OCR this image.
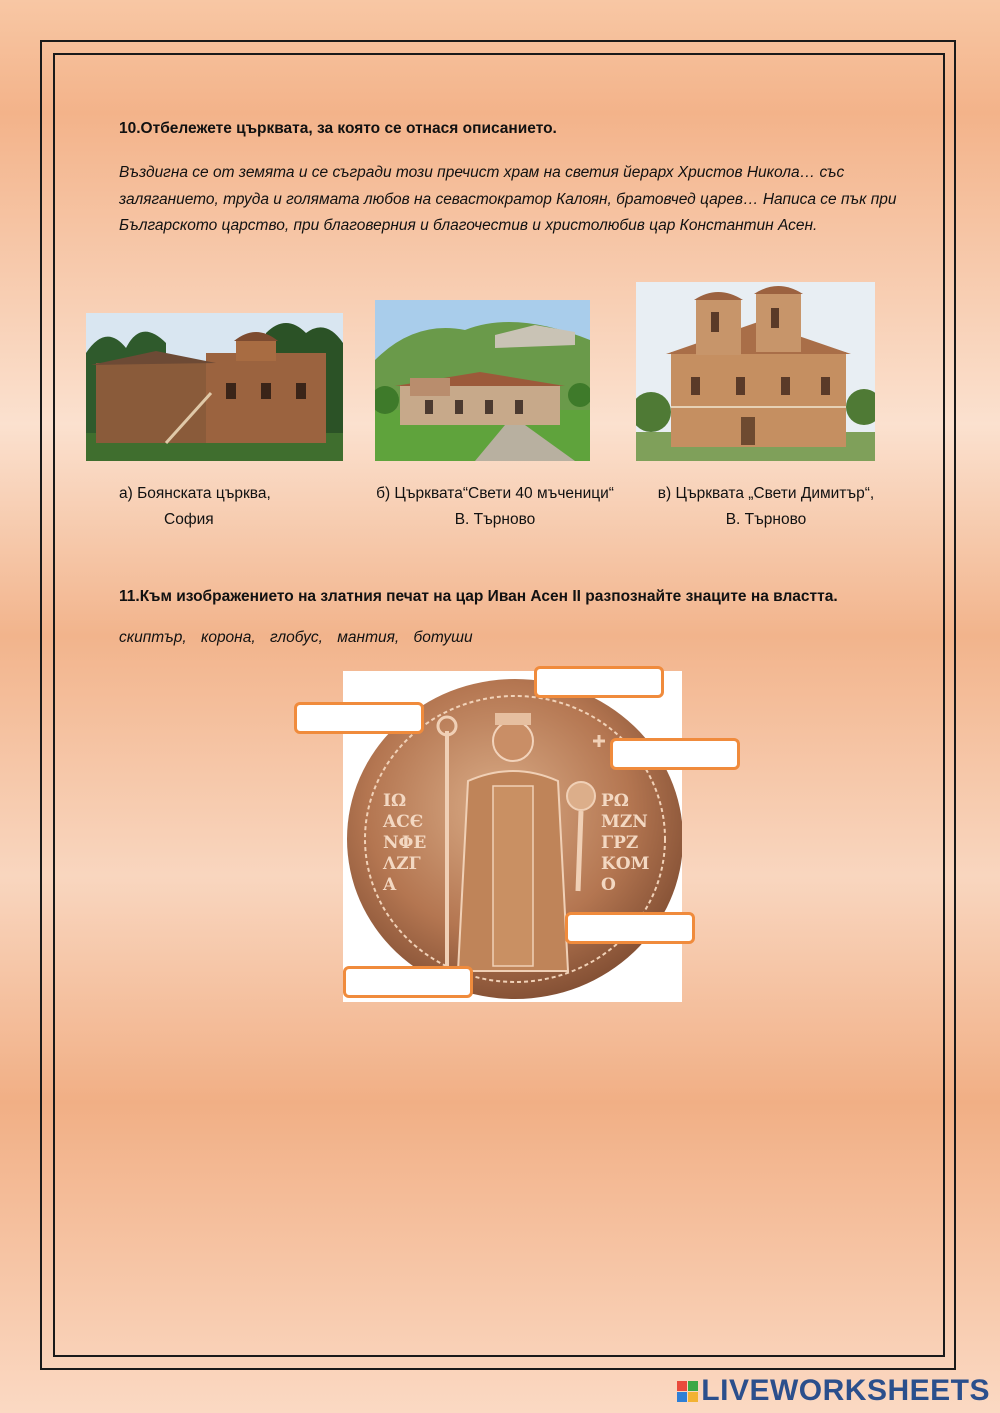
10.Отбележете църквата, за която се отнася описанието.

Въздигна се от земята и се съгради този пречист храм на светия йерарх Христов Никола… със заляганието, труда и голямата любов на севастократор Калоян, братовчед царев… Написа се пък при Българското царство, при благоверния и благочестив и христолюбив цар Константин Асен.

а) Боянската църква,
София
б) Църквата“Свети 40 мъченици“
В. Търново
в) Църквата „Свети Димитър“,
В. Търново
11.Към изображението на златния печат на цар Иван Асен II разпознайте знаците на властта.
скиптър, корона, глобус, мантия, ботуши
ΙΩ
ΑСЄ
ΝΦΕ
ΛΖΓ
Α
PΩ
ΜΖΝ
ΓΡΖ
ΚΟΜ
Ο
LIVEWORKSHEETS
